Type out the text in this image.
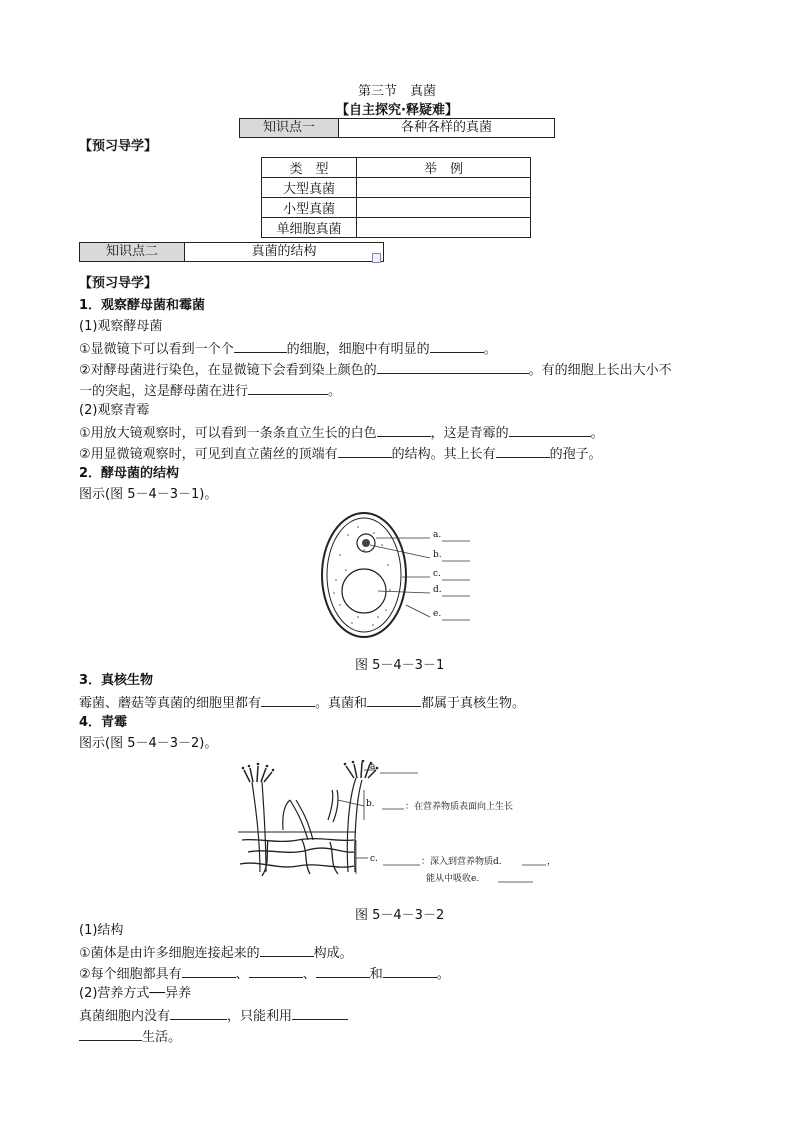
第三节　真菌
【自主探究·释疑难】
知识点一	各种各样的真菌
【预习导学】
类　型	举　例
大型真菌	
小型真菌	
单细胞真菌	
知识点二	真菌的结构
【预习导学】
1．观察酵母菌和霉菌
(1)观察酵母菌
①显微镜下可以看到一个个	的细胞，细胞中有明显的	。
②对酵母菌进行染色，在显微镜下会看到染上颜色的	。有的细胞上长出大小不
一的突起，这是酵母菌在进行	。
(2)观察青霉
①用放大镜观察时，可以看到一条条直立生长的白色	，这是青霉的	。
②用显微镜观察时，可见到直立菌丝的顶端有	的结构。其上长有	的孢子。
2．酵母菌的结构
图示(图 5－4－3－1)。
a.
b.
c.
d.
e.
图 5－4－3－1
3．真核生物
霉菌、蘑菇等真菌的细胞里都有	。真菌和	都属于真核生物。
4．青霉
图示(图 5－4－3－2)。
a.
b.	：在营养物质表面向上生长
c.	：深入到营养物质d.	，
能从中吸收e.
图 5－4－3－2
(1)结构
①菌体是由许多细胞连接起来的	构成。
②每个细胞都具有	、	、	和	。
(2)营养方式──异养
真菌细胞内没有	，只能利用
生活。
